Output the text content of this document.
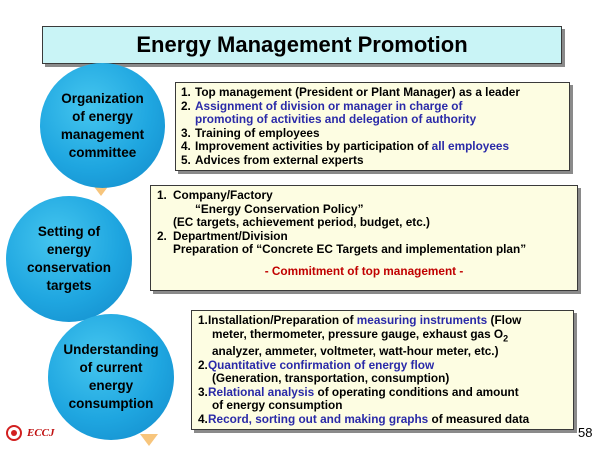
Energy Management Promotion
Organization
of energy
management
committee
Setting of
energy
conservation
targets
Understanding
of current
energy
consumption
1. Top management (President or Plant Manager) as a leader
2. Assignment of division or manager in charge of
promoting of activities and delegation of authority
3. Training of employees
4. Improvement activities by participation of all employees
5. Advices from external experts
1. Company/Factory
“Energy Conservation Policy”
(EC targets, achievement period, budget, etc.)
2. Department/Division
Preparation of “Concrete EC Targets and implementation plan”
- Commitment of top management -
1. Installation/Preparation of measuring instruments (Flow
meter, thermometer, pressure gauge, exhaust gas $O_2$
analyzer, ammeter, voltmeter, watt-hour meter, etc.)
2. Quantitative confirmation of energy flow
(Generation, transportation, consumption)
3. Relational analysis of operating conditions and amount
of energy consumption
4. Record, sorting out and making graphs of measured data
ECCJ	58
